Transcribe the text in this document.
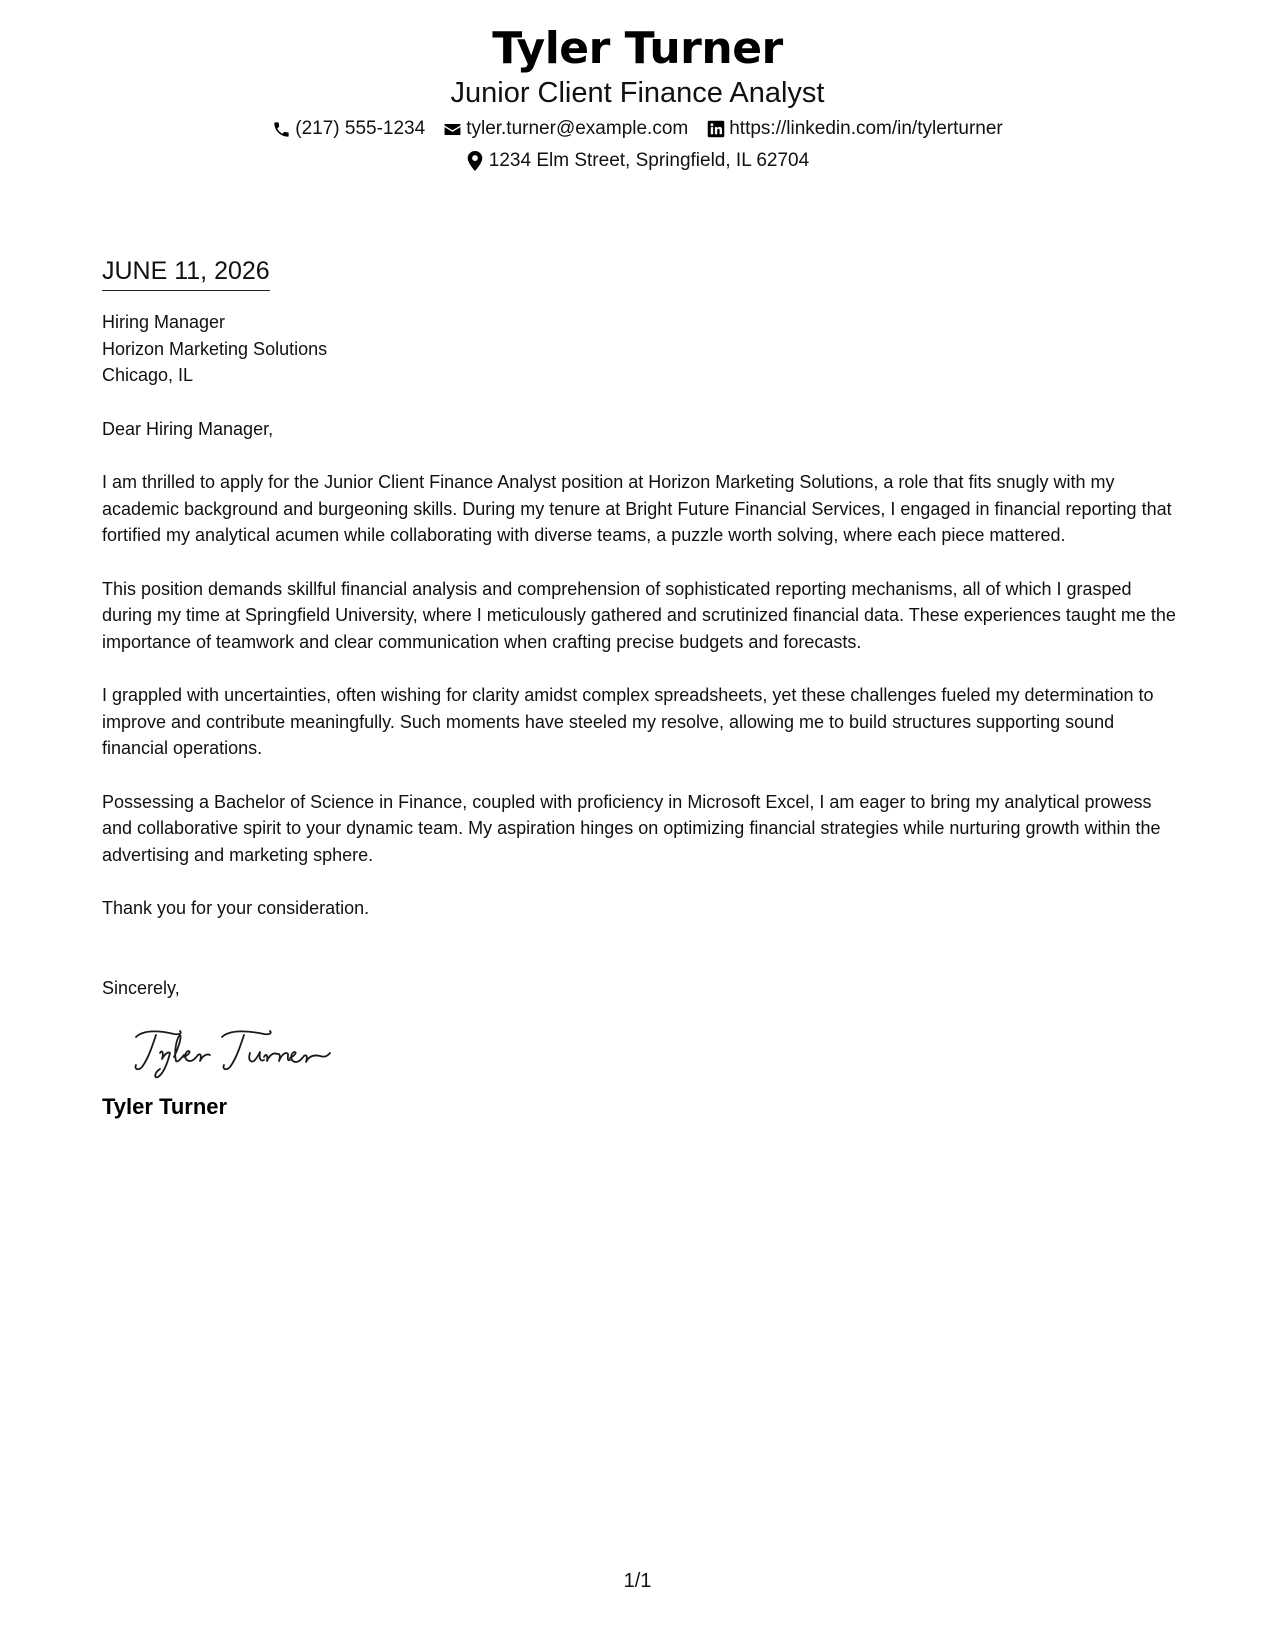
Tyler Turner
Junior Client Finance Analyst
(217) 555-1234 tyler.turner@example.com https://linkedin.com/in/tylerturner
1234 Elm Street, Springfield, IL 62704
JUNE 11, 2026
Hiring Manager
Horizon Marketing Solutions
Chicago, IL
Dear Hiring Manager,

I am thrilled to apply for the Junior Client Finance Analyst position at Horizon Marketing Solutions, a role that fits snugly with my academic background and burgeoning skills. During my tenure at Bright Future Financial Services, I engaged in financial reporting that fortified my analytical acumen while collaborating with diverse teams, a puzzle worth solving, where each piece mattered.

This position demands skillful financial analysis and comprehension of sophisticated reporting mechanisms, all of which I grasped during my time at Springfield University, where I meticulously gathered and scrutinized financial data. These experiences taught me the importance of teamwork and clear communication when crafting precise budgets and forecasts.

I grappled with uncertainties, often wishing for clarity amidst complex spreadsheets, yet these challenges fueled my determination to improve and contribute meaningfully. Such moments have steeled my resolve, allowing me to build structures supporting sound financial operations.

Possessing a Bachelor of Science in Finance, coupled with proficiency in Microsoft Excel, I am eager to bring my analytical prowess and collaborative spirit to your dynamic team. My aspiration hinges on optimizing financial strategies while nurturing growth within the advertising and marketing sphere.

Thank you for your consideration.

Sincerely,
Tyler Turner
1/1
